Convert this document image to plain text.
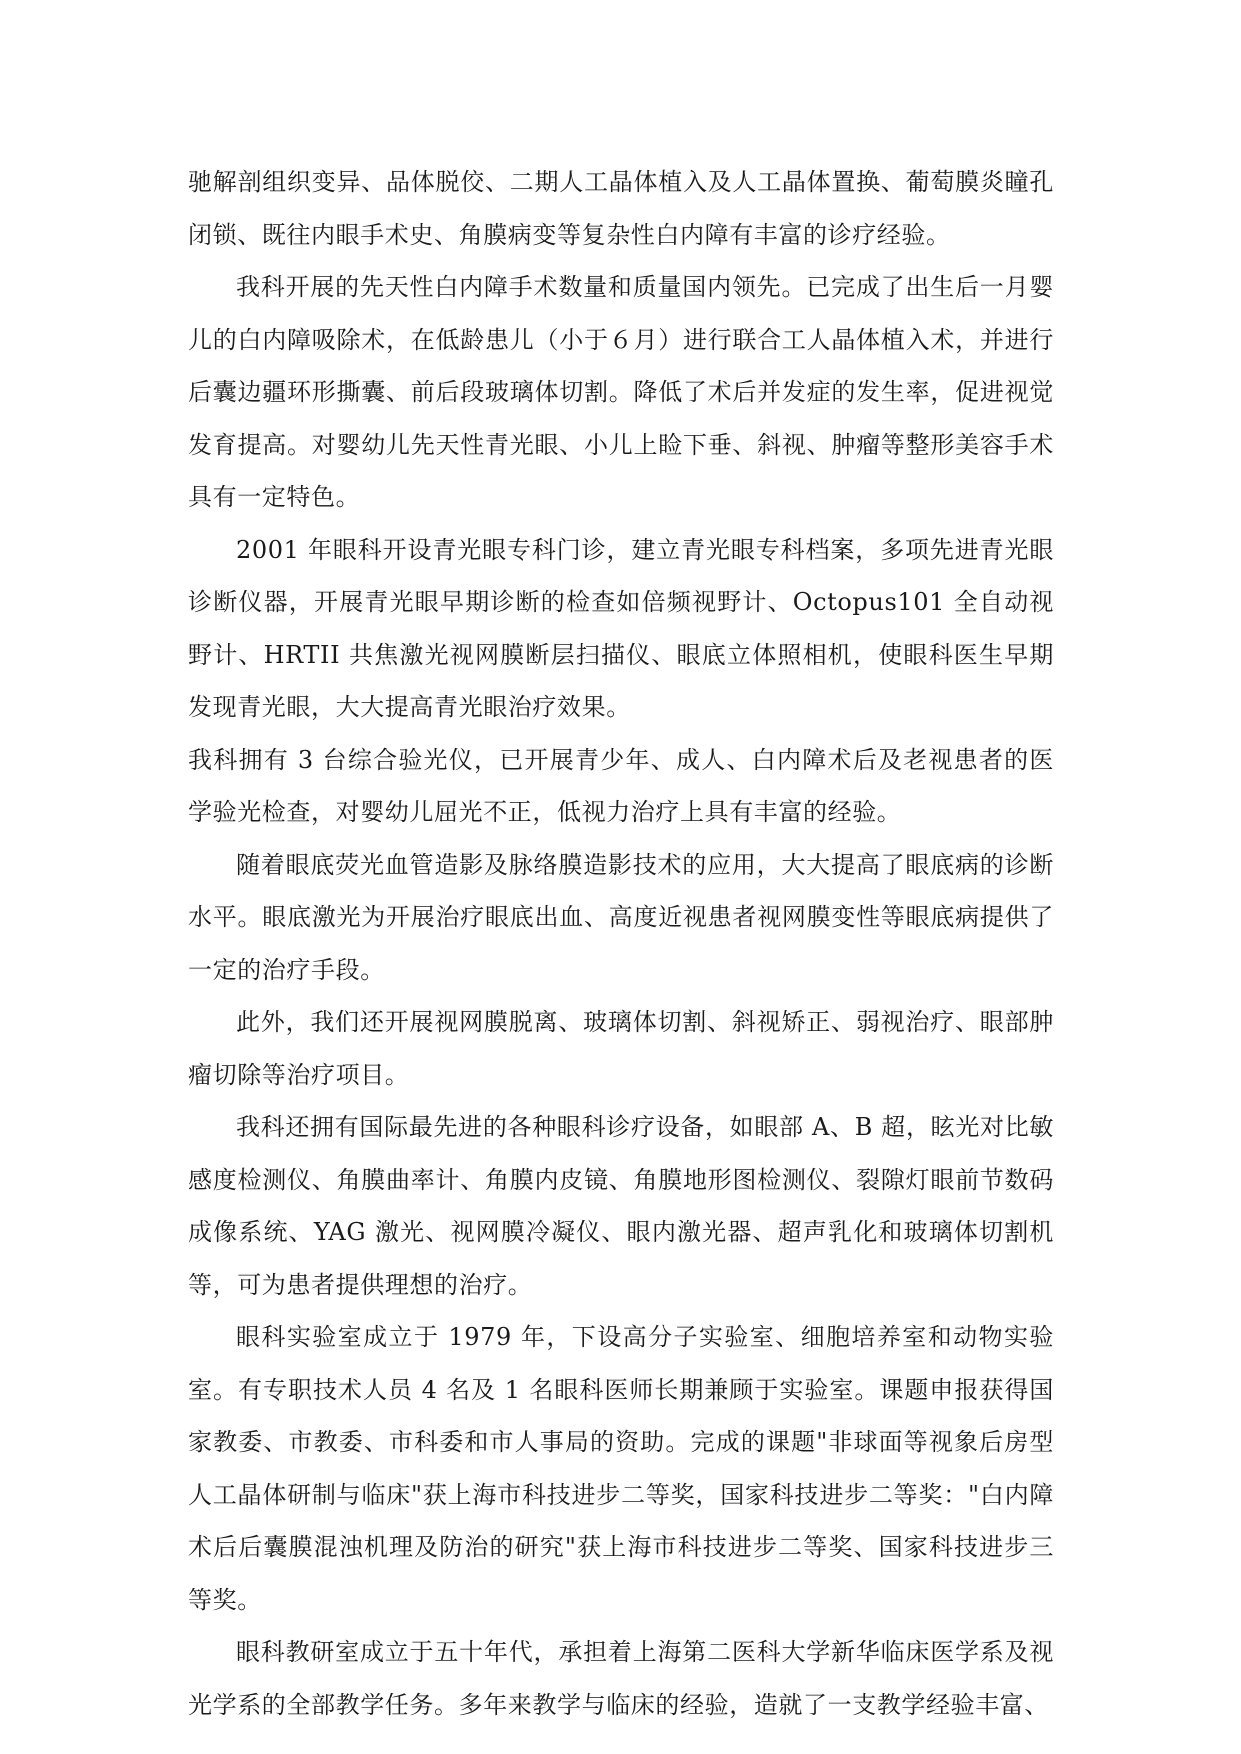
驰解剖组织变异、品体脱佼、二期人工晶体植入及人工晶体置换、葡萄膜炎瞳孔闭锁、既往内眼手术史、角膜病变等复杂性白内障有丰富的诊疗经验。

我科开展的先天性白内障手术数量和质量国内领先。已完成了出生后一月婴儿的白内障吸除术，在低龄患儿（小于６月）进行联合工人晶体植入术，并进行后囊边疆环形撕囊、前后段玻璃体切割。降低了术后并发症的发生率，促进视觉发育提高。对婴幼儿先天性青光眼、小儿上睑下垂、斜视、肿瘤等整形美容手术具有一定特色。

2001 年眼科开设青光眼专科门诊，建立青光眼专科档案，多项先进青光眼诊断仪器，开展青光眼早期诊断的检查如倍频视野计、Octopus101 全自动视野计、HRTII 共焦激光视网膜断层扫描仪、眼底立体照相机，使眼科医生早期发现青光眼，大大提高青光眼治疗效果。

我科拥有 3 台综合验光仪，已开展青少年、成人、白内障术后及老视患者的医学验光检查，对婴幼儿屈光不正，低视力治疗上具有丰富的经验。

随着眼底荧光血管造影及脉络膜造影技术的应用，大大提高了眼底病的诊断水平。眼底激光为开展治疗眼底出血、高度近视患者视网膜变性等眼底病提供了一定的治疗手段。

此外，我们还开展视网膜脱离、玻璃体切割、斜视矫正、弱视治疗、眼部肿瘤切除等治疗项目。

我科还拥有国际最先进的各种眼科诊疗设备，如眼部 A、B 超，眩光对比敏感度检测仪、角膜曲率计、角膜内皮镜、角膜地形图检测仪、裂隙灯眼前节数码成像系统、YAG 激光、视网膜冷凝仪、眼内激光器、超声乳化和玻璃体切割机等，可为患者提供理想的治疗。

眼科实验室成立于 1979 年，下设高分子实验室、细胞培养室和动物实验室。有专职技术人员 4 名及 1 名眼科医师长期兼顾于实验室。课题申报获得国家教委、市教委、市科委和市人事局的资助。完成的课题"非球面等视象后房型人工晶体研制与临床"获上海市科技进步二等奖，国家科技进步二等奖："白内障术后后囊膜混浊机理及防治的研究"获上海市科技进步二等奖、国家科技进步三等奖。

眼科教研室成立于五十年代，承担着上海第二医科大学新华临床医学系及视光学系的全部教学任务。多年来教学与临床的经验，造就了一支教学经验丰富、
